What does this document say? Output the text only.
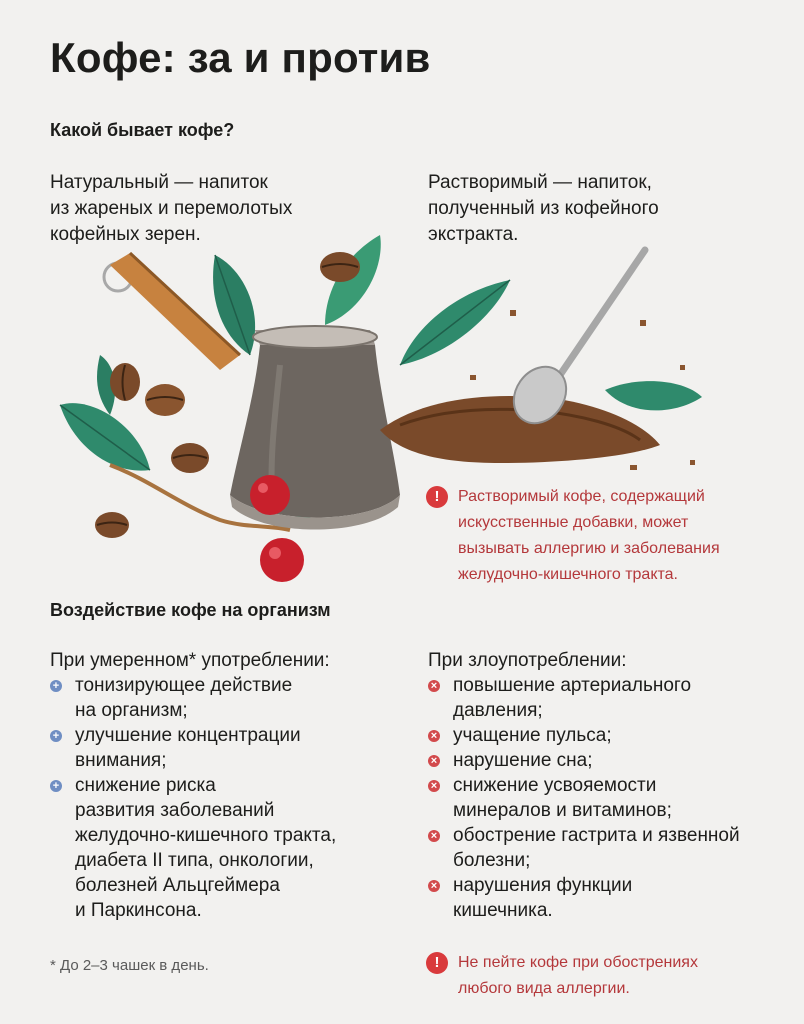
Кофе: за и против
Какой бывает кофе?
Натуральный — напиток
из жареных и перемолотых
кофейных зерен.
Растворимый — напиток,
полученный из кофейного
экстракта.
!	Растворимый кофе, содержащий
искусственные добавки, может
вызывать аллергию и заболевания
желудочно-кишечного тракта.
Воздействие кофе на организм
При умеренном* употреблении:
+ тонизирующее действие
на организм;
+ улучшение концентрации
внимания;
+ снижение риска
развития заболеваний
желудочно-кишечного тракта,
диабета II типа, онкологии,
болезней Альцгеймера
и Паркинсона.
При злоупотреблении:
× повышение артериального
давления;
× учащение пульса;
× нарушение сна;
× снижение усвояемости
минералов и витаминов;
× обострение гастрита и язвенной
болезни;
× нарушения функции
кишечника.
* До 2–3 чашек в день.	!	Не пейте кофе при обострениях
любого вида аллергии.
